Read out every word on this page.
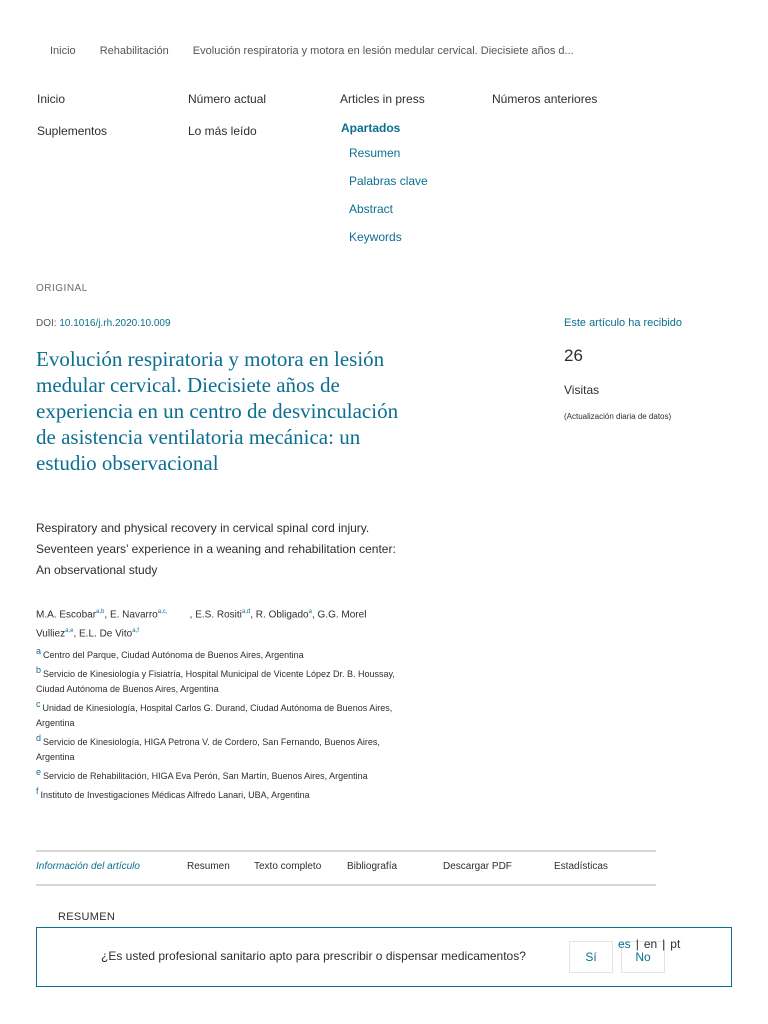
Inicio Rehabilitación Evolución respiratoria y motora en lesión medular cervical. Diecisiete años d...
Inicio	Número actual	Articles in press	Números anteriores
Suplementos	Lo más leído	Apartados
Resumen
Palabras clave
Abstract
Keywords
ORIGINAL
DOI: 10.1016/j.rh.2020.10.009
Evolución respiratoria y motora en lesión medular cervical. Diecisiete años de experiencia en un centro de desvinculación de asistencia ventilatoria mecánica: un estudio observacional
Respiratory and physical recovery in cervical spinal cord injury. Seventeen years’ experience in a weaning and rehabilitation center: An observational study
M.A. Escobar$^{a,b}$, E. Navarro$^{a,c,}$        , E.S. Rositi$^{a,d}$, R. Obligado$^a$, G.G. Morel Vulliez$^{a,e}$, E.L. De Vito$^{a,f}$
$^a$ Centro del Parque, Ciudad Autónoma de Buenos Aires, Argentina
$^b$ Servicio de Kinesiología y Fisiatría, Hospital Municipal de Vicente López Dr. B. Houssay, Ciudad Autónoma de Buenos Aires, Argentina
$^c$ Unidad de Kinesiología, Hospital Carlos G. Durand, Ciudad Autónoma de Buenos Aires, Argentina
$^d$ Servicio de Kinesiología, HIGA Petrona V. de Cordero, San Fernando, Buenos Aires, Argentina
$^e$ Servicio de Rehabilitación, HIGA Eva Perón, San Martín, Buenos Aires, Argentina
$^f$ Instituto de Investigaciones Médicas Alfredo Lanari, UBA, Argentina
Este artículo ha recibido
26
Visitas
(Actualización diaria de datos)
Información del artículo	Resumen Texto completo	Bibliografía	Descargar PDF	Estadísticas
RESUMEN
¿Es usted profesional sanitario apto para prescribir o dispensar medicamentos?	Sí	No
es | en | pt
